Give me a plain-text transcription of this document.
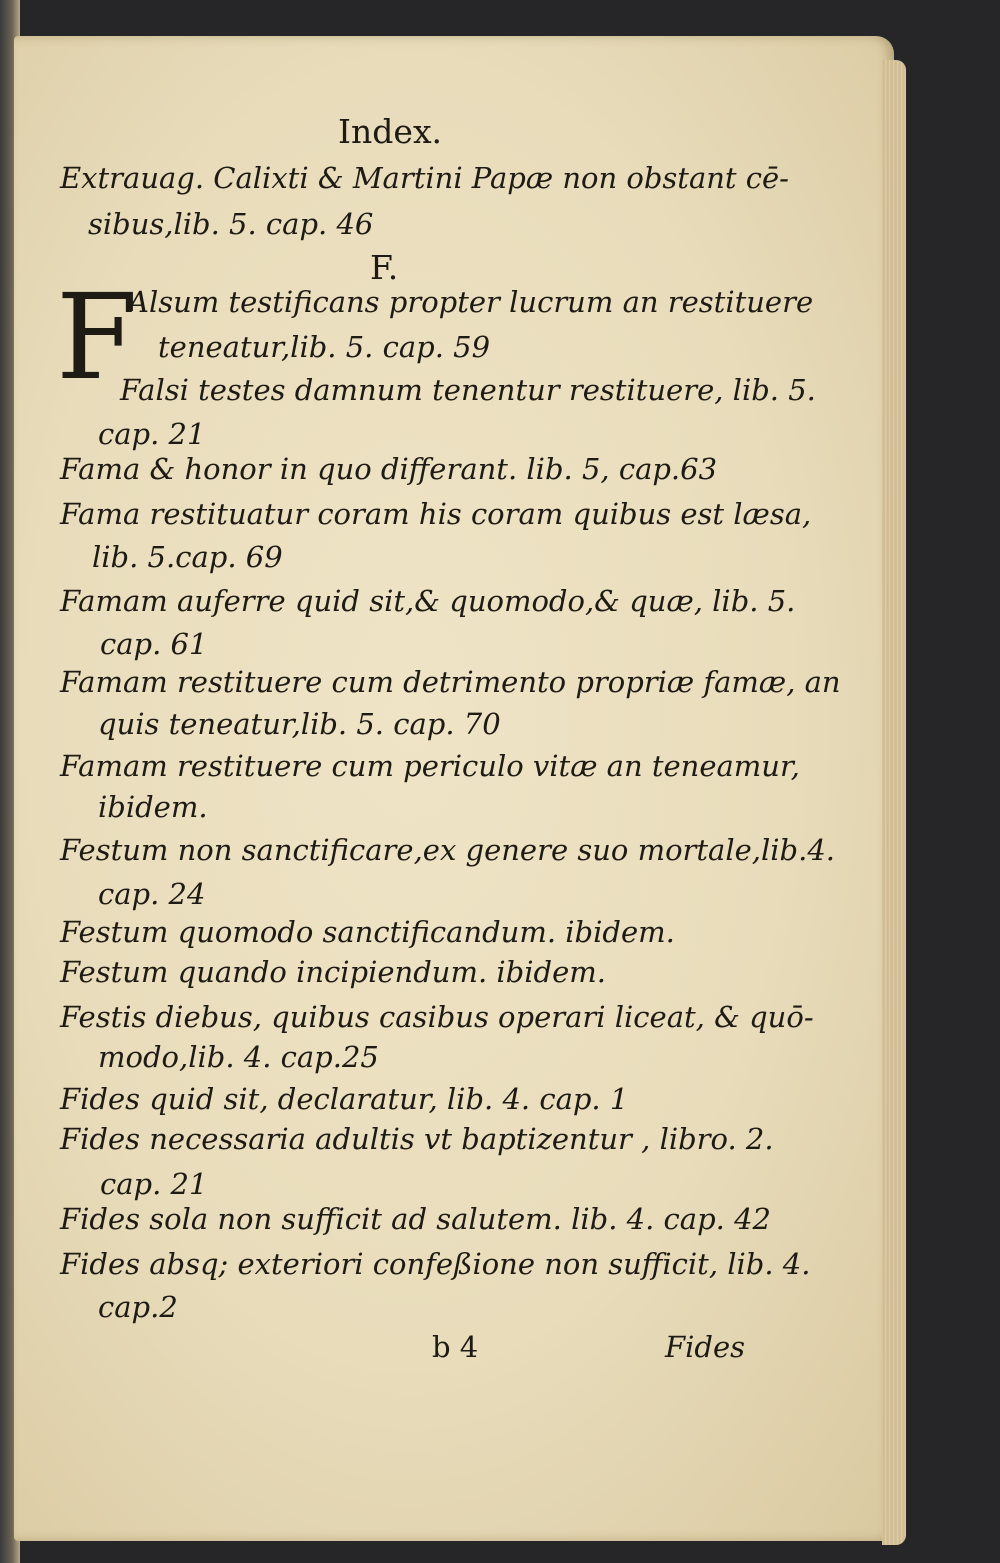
Index.
Extrauag. Calixti & Martini Papæ non obstant cē-
sibus,lib. 5. cap. 46
F.
F
Alsum testificans propter lucrum an restituere
teneatur,lib. 5. cap. 59
Falsi testes damnum tenentur restituere, lib. 5.
cap. 21
Fama & honor in quo differant. lib. 5, cap.63
Fama restituatur coram his coram quibus est læsa,
lib. 5.cap. 69
Famam auferre quid sit,& quomodo,& quæ, lib. 5.
cap. 61
Famam restituere cum detrimento propriæ famæ, an
quis teneatur,lib. 5. cap. 70
Famam restituere cum periculo vitæ an teneamur,
ibidem.
Festum non sanctificare,ex genere suo mortale,lib.4.
cap. 24
Festum quomodo sanctificandum. ibidem.
Festum quando incipiendum. ibidem.
Festis diebus, quibus casibus operari liceat, & quō-
modo,lib. 4. cap.25
Fides quid sit, declaratur, lib. 4. cap. 1
Fides necessaria adultis vt baptizentur , libro. 2.
cap. 21
Fides sola non sufficit ad salutem. lib. 4. cap. 42
Fides absq; exteriori confeßione non sufficit, lib. 4.
cap.2
b 4	Fides
